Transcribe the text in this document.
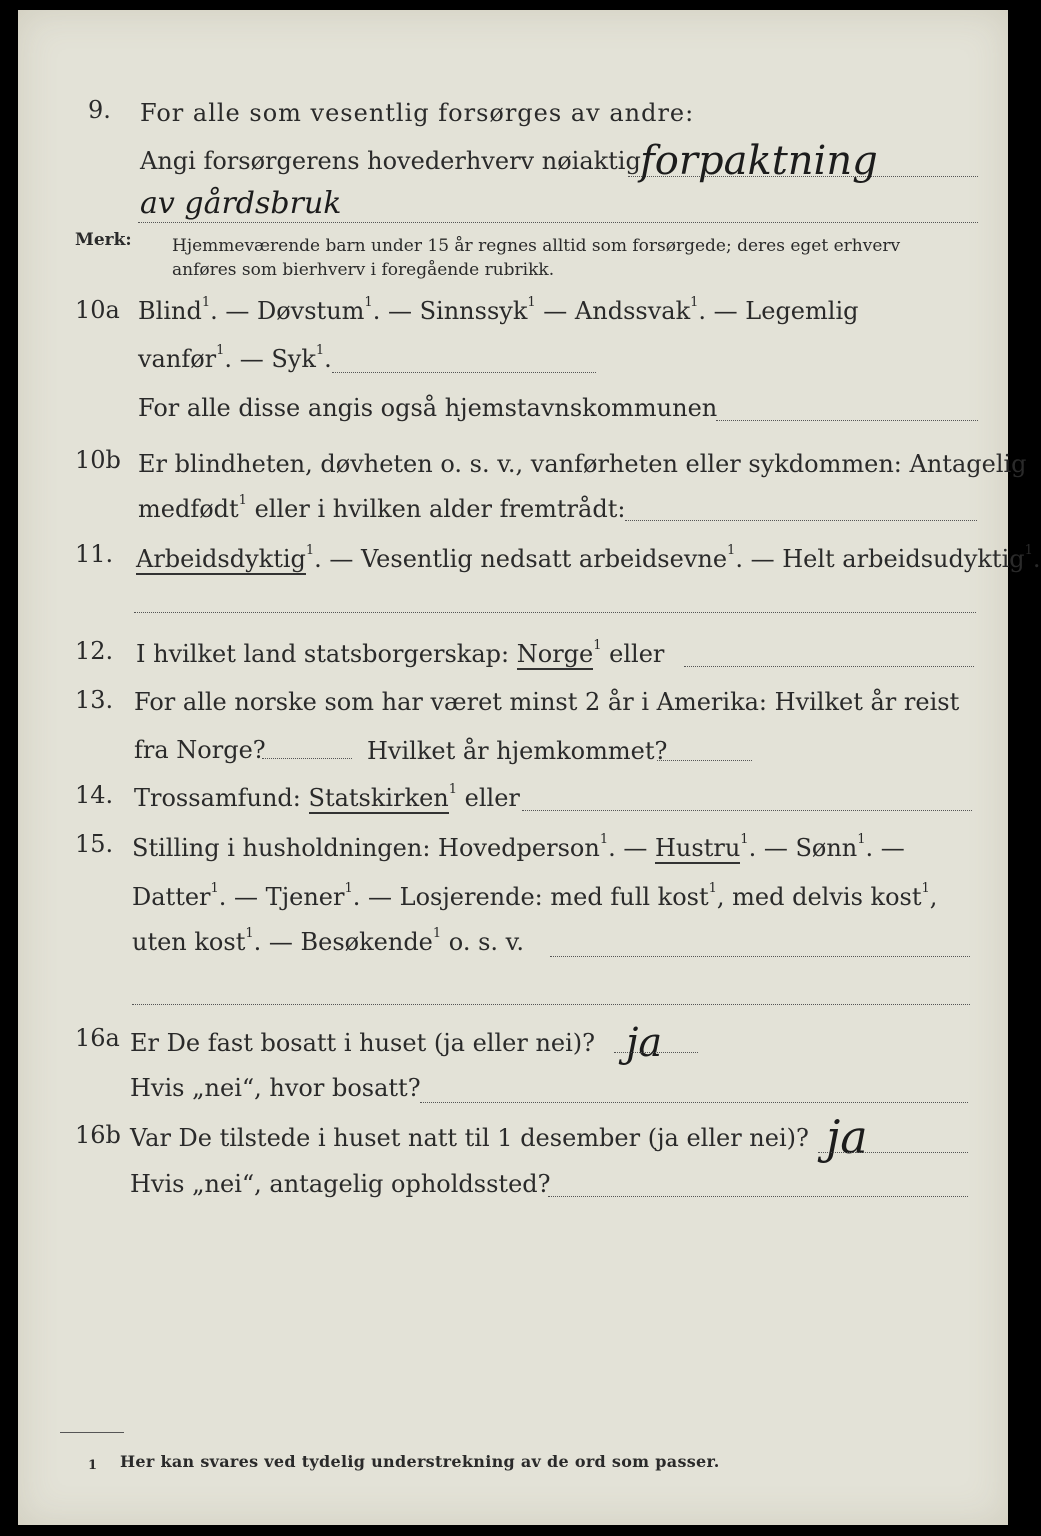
9. For alle som vesentlig forsørges av andre:
Angi forsørgerens hovederhverv nøiaktig forpaktning
av gårdsbruk
Merk: Hjemmeværende barn under 15 år regnes alltid som forsørgede; deres eget erhverv
anføres som bierhverv i foregående rubrikk.
10a Blind$^1$. — Døvstum$^1$. — Sinnssyk$^1$ — Andssvak$^1$. — Legemlig
vanfør$^1$. — Syk$^1$.
For alle disse angis også hjemstavnskommunen
10b Er blindheten, døvheten o. s. v., vanførheten eller sykdommen: Antagelig
medfødt$^1$ eller i hvilken alder fremtrådt:
11. Arbeidsdyktig$^1$. — Vesentlig nedsatt arbeidsevne$^1$. — Helt arbeidsudyktig$^1$.
12. I hvilket land statsborgerskap: Norge$^1$ eller
13. For alle norske som har været minst 2 år i Amerika: Hvilket år reist
fra Norge?	Hvilket år hjemkommet?
14. Trossamfund: Statskirken$^1$ eller
15. Stilling i husholdningen: Hovedperson$^1$. — Hustru$^1$. — Sønn$^1$. —
Datter$^1$. — Tjener$^1$. — Losjerende: med full kost$^1$, med delvis kost$^1$,
uten kost$^1$. — Besøkende$^1$ o. s. v.
16a Er De fast bosatt i huset (ja eller nei)? ja
Hvis „nei“, hvor bosatt?
16b Var De tilstede i huset natt til 1 desember (ja eller nei)? ja
Hvis „nei“, antagelig opholdssted?
1 Her kan svares ved tydelig understrekning av de ord som passer.
